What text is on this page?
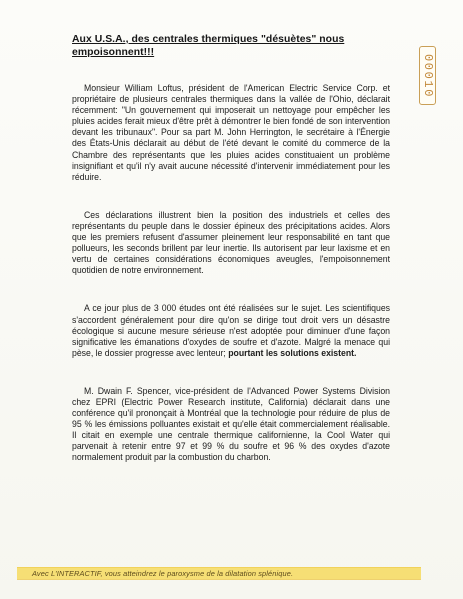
Aux U.S.A., des centrales thermiques "désuètes" nous empoisonnent!!!
00010

Monsieur William Loftus, président de l'American Electric Service Corp. et propriétaire de plusieurs centrales thermiques dans la vallée de l'Ohio, déclarait récemment: "Un gouvernement qui imposerait un nettoyage pour empêcher les pluies acides ferait mieux d'être prêt à démontrer le bien fondé de son intervention devant les tribunaux". Pour sa part M. John Herrington, le secrétaire à l'Énergie des États-Unis déclarait au début de l'été devant le comité du commerce de la Chambre des représentants que les pluies acides constituaient un problème insignifiant et qu'il n'y avait aucune nécessité d'intervenir immédiatement pour les réduire.

Ces déclarations illustrent bien la position des industriels et celles des représentants du peuple dans le dossier épineux des précipitations acides. Alors que les premiers refusent d'assumer pleinement leur responsabilité en tant que pollueurs, les seconds brillent par leur inertie. Ils autorisent par leur laxisme et en vertu de certaines considérations économiques aveugles, l'empoisonnement quotidien de notre environnement.

A ce jour plus de 3 000 études ont été réalisées sur le sujet. Les scientifiques s'accordent généralement pour dire qu'on se dirige tout droit vers un désastre écologique si aucune mesure sérieuse n'est adoptée pour diminuer d'une façon significative les émanations d'oxydes de soufre et d'azote. Malgré la menace qui pèse, le dossier progresse avec lenteur; pourtant les solutions existent.

M. Dwain F. Spencer, vice-président de l'Advanced Power Systems Division chez EPRI (Electric Power Research institute, California) déclarait dans une conférence qu'il prononçait à Montréal que la technologie pour réduire de plus de 95 % les émissions polluantes existait et qu'elle était commercialement réalisable. Il citait en exemple une centrale thermique californienne, la Cool Water qui parvenait à retenir entre 97 et 99 % du soufre et 96 % des oxydes d'azote normalement produit par la combustion du charbon.

Avec L'INTERACTIF, vous atteindrez le paroxysme de la dilatation splénique.
